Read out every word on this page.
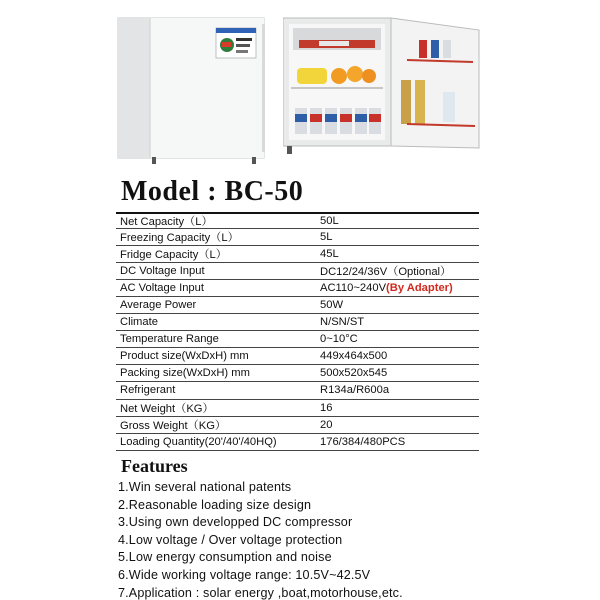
Model : BC-50
Net Capacity（L）	50L
Freezing Capacity（L）	5L
Fridge Capacity（L）	45L
DC Voltage Input	DC12/24/36V（Optional）
AC Voltage Input	AC110~240V(By Adapter)
Average Power	50W
Climate	N/SN/ST
Temperature Range	0~10°C
Product size(WxDxH) mm	449x464x500
Packing size(WxDxH) mm	500x520x545
Refrigerant	R134a/R600a
Net Weight（KG）	16
Gross Weight（KG）	20
Loading Quantity(20'/40'/40HQ)	176/384/480PCS
Features
1.Win several national patents
2.Reasonable loading size design
3.Using own developped DC compressor
4.Low voltage / Over voltage protection
5.Low energy consumption and noise
6.Wide working voltage range: 10.5V~42.5V
7.Application : solar energy ,boat,motorhouse,etc.
